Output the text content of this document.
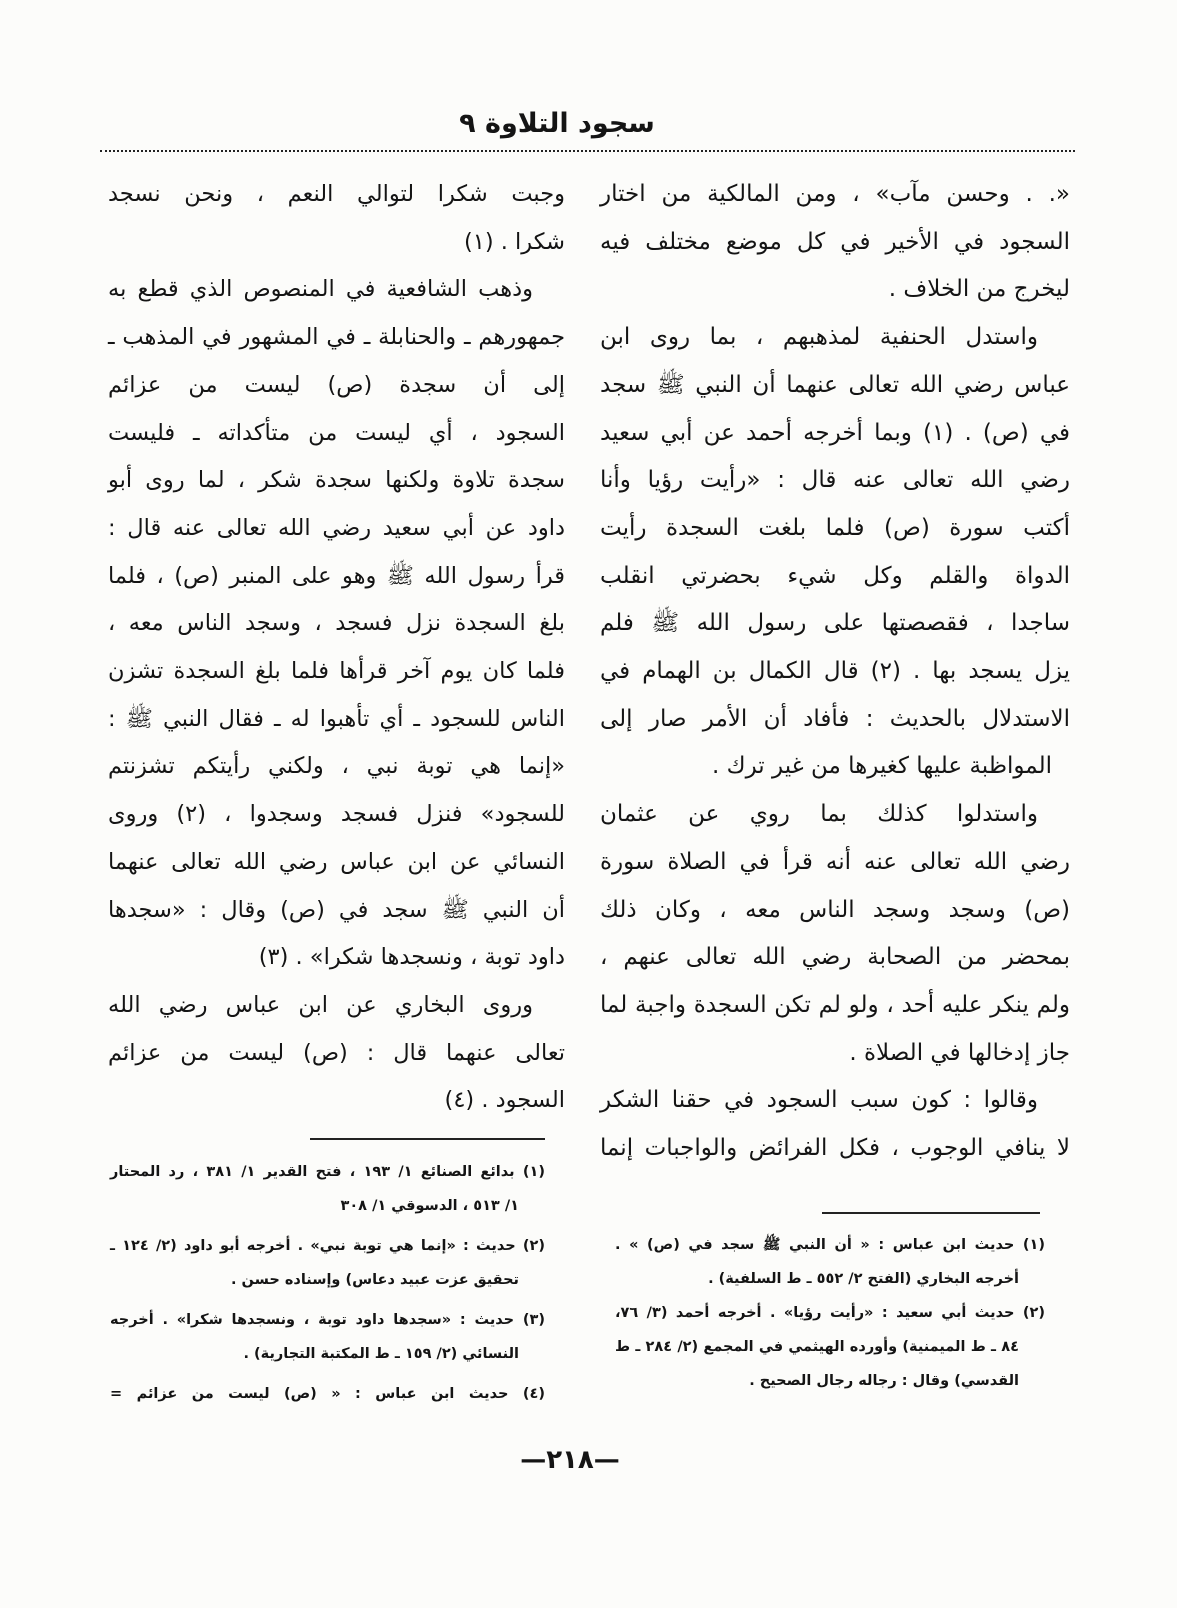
سجود التلاوة ٩
«. . وحسن مآب» ، ومن المالكية من اختار
السجود في الأخير في كل موضع مختلف فيه
ليخرج من الخلاف .
واستدل الحنفية لمذهبهم ، بما روى ابن
عباس رضي الله تعالى عنهما أن النبي ﷺ سجد
في (ص) . (١) وبما أخرجه أحمد عن أبي سعيد
رضي الله تعالى عنه قال : «رأيت رؤيا وأنا
أكتب سورة (ص) فلما بلغت السجدة رأيت
الدواة والقلم وكل شيء بحضرتي انقلب
ساجدا ، فقصصتها على رسول الله ﷺ فلم
يزل يسجد بها . (٢) قال الكمال بن الهمام في
الاستدلال بالحديث : فأفاد أن الأمر صار إلى
المواظبة عليها كغيرها من غير ترك .
واستدلوا كذلك بما روي عن عثمان
رضي الله تعالى عنه أنه قرأ في الصلاة سورة
(ص) وسجد وسجد الناس معه ، وكان ذلك
بمحضر من الصحابة رضي الله تعالى عنهم ،
ولم ينكر عليه أحد ، ولو لم تكن السجدة واجبة لما
جاز إدخالها في الصلاة .
وقالوا : كون سبب السجود في حقنا الشكر
لا ينافي الوجوب ، فكل الفرائض والواجبات إنما
وجبت شكرا لتوالي النعم ، ونحن نسجد
شكرا . (١)
وذهب الشافعية في المنصوص الذي قطع به
جمهورهم ـ والحنابلة ـ في المشهور في المذهب ـ
إلى أن سجدة (ص) ليست من عزائم
السجود ، أي ليست من متأكداته ـ فليست
سجدة تلاوة ولكنها سجدة شكر ، لما روى أبو
داود عن أبي سعيد رضي الله تعالى عنه قال :
قرأ رسول الله ﷺ وهو على المنبر (ص) ، فلما
بلغ السجدة نزل فسجد ، وسجد الناس معه ،
فلما كان يوم آخر قرأها فلما بلغ السجدة تشزن
الناس للسجود ـ أي تأهبوا له ـ فقال النبي ﷺ :
«إنما هي توبة نبي ، ولكني رأيتكم تشزنتم
للسجود» فنزل فسجد وسجدوا ، (٢) وروى
النسائي عن ابن عباس رضي الله تعالى عنهما
أن النبي ﷺ سجد في (ص) وقال : «سجدها
داود توبة ، ونسجدها شكرا» . (٣)
وروى البخاري عن ابن عباس رضي الله
تعالى عنهما قال : (ص) ليست من عزائم
السجود . (٤)
(١) حديث ابن عباس : « أن النبي ﷺ سجد في (ص) » .
أخرجه البخاري (الفتح ٢/ ٥٥٢ ـ ط السلفية) .
(٢) حديث أبي سعيد : «رأيت رؤيا» . أخرجه أحمد (٣/ ٧٦،
٨٤ ـ ط الميمنية) وأورده الهيثمي في المجمع (٢/ ٢٨٤ ـ ط
القدسي) وقال : رجاله رجال الصحيح .
(١) بدائع الصنائع ١/ ١٩٣ ، فتح القدير ١/ ٣٨١ ، رد المحتار
١/ ٥١٣ ، الدسوقي ١/ ٣٠٨
(٢) حديث : «إنما هي توبة نبي» . أخرجه أبو داود (٢/ ١٢٤ ـ
تحقيق عزت عبيد دعاس) وإسناده حسن .
(٣) حديث : «سجدها داود توبة ، ونسجدها شكرا» . أخرجه
النسائي (٢/ ١٥٩ ـ ط المكتبة التجارية) .
(٤) حديث ابن عباس : « (ص) ليست من عزائم =
—٢١٨—
